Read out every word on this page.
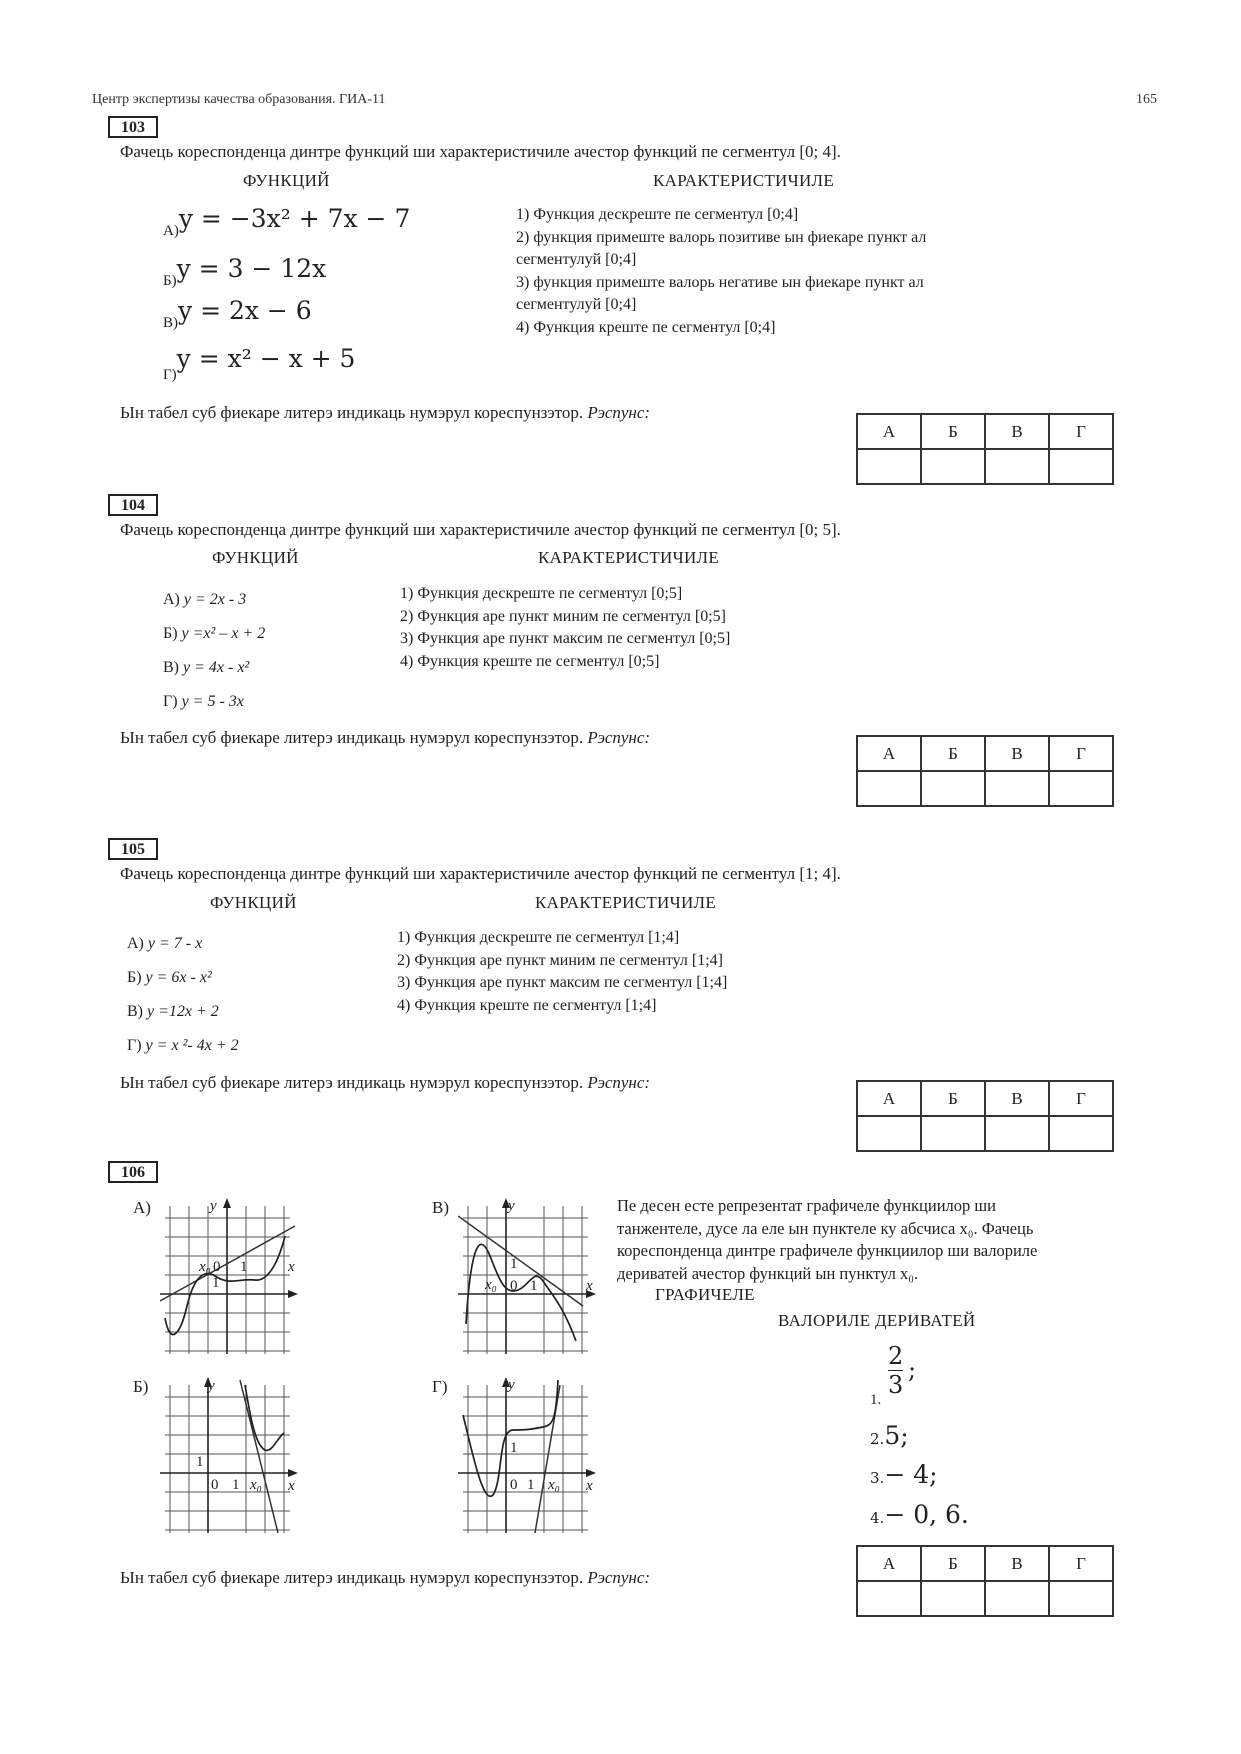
Центр экспертизы качества образования. ГИА-11	165
103
Фачець кореспонденца динтре функций ши характеристичиле ачестор функций пе сегментул [0; 4].
ФУНКЦИЙ	КАРАКТЕРИСТИЧИЛЕ
А)y = −3x² + 7x − 7
Б)y = 3 − 12x
В)y = 2x − 6
Г)y = x² − x + 5
1) Функция дескреште пе сегментул [0;4]
2) функция примеште валорь позитиве ын фиекаре пункт ал
сегментулуй [0;4]
3) функция примеште валорь негативе ын фиекаре пункт ал
сегментулуй [0;4]
4) Функция креште пе сегментул [0;4]
Ын табел суб фиекаре литерэ индикаць нумэрул кореспунзэтор. Рэспунс:
А	Б	В	Г

104
Фачець кореспонденца динтре функций ши характеристичиле ачестор функций пе сегментул [0; 5].
ФУНКЦИЙ	КАРАКТЕРИСТИЧИЛЕ
А) y = 2x - 3
Б) y =x² – x + 2
В) y = 4x - x²
Г) y = 5 - 3x
1) Функция дескреште пе сегментул [0;5]
2) Функция аре пункт миним пе сегментул [0;5]
3) Функция аре пункт максим пе сегментул [0;5]
4) Функция креште пе сегментул [0;5]
Ын табел суб фиекаре литерэ индикаць нумэрул кореспунзэтор. Рэспунс:
А	Б	В	Г

105
Фачець кореспонденца динтре функций ши характеристичиле ачестор функций пе сегментул [1; 4].
ФУНКЦИЙ	КАРАКТЕРИСТИЧИЛЕ
А) y = 7 - x
Б) y = 6x - x²
В) y =12x + 2
Г) y = x ²- 4x + 2
1) Функция дескреште пе сегментул [1;4]
2) Функция аре пункт миним пе сегментул [1;4]
3) Функция аре пункт максим пе сегментул [1;4]
4) Функция креште пе сегментул [1;4]
Ын табел суб фиекаре литерэ индикаць нумэрул кореспунзэтор. Рэспунс:
А	Б	В	Г

106
А)
x₀ 0 1
y
x
1
Б)	y
1
0 1 x₀ x
В)	y
1
x₀ 0 1	x
Г)	y
1
0 1 x₀ x
Пе десен есте репрезентат графичеле функциилор ши
танжентеле, дусе ла еле ын пунктеле ку абсчиса x₀. Фачець
кореспонденца динтре графичеле функциилор ши валориле
дериватей ачестор функций ын пунктул x₀.
ГРАФИЧЕЛЕ
ВАЛОРИЛЕ ДЕРИВАТЕЙ
1.
2
3
;
2.5;
3.− 4;
4.− 0, 6.
Ын табел суб фиекаре литерэ индикаць нумэрул кореспунзэтор. Рэспунс:
А	Б	В	Г
